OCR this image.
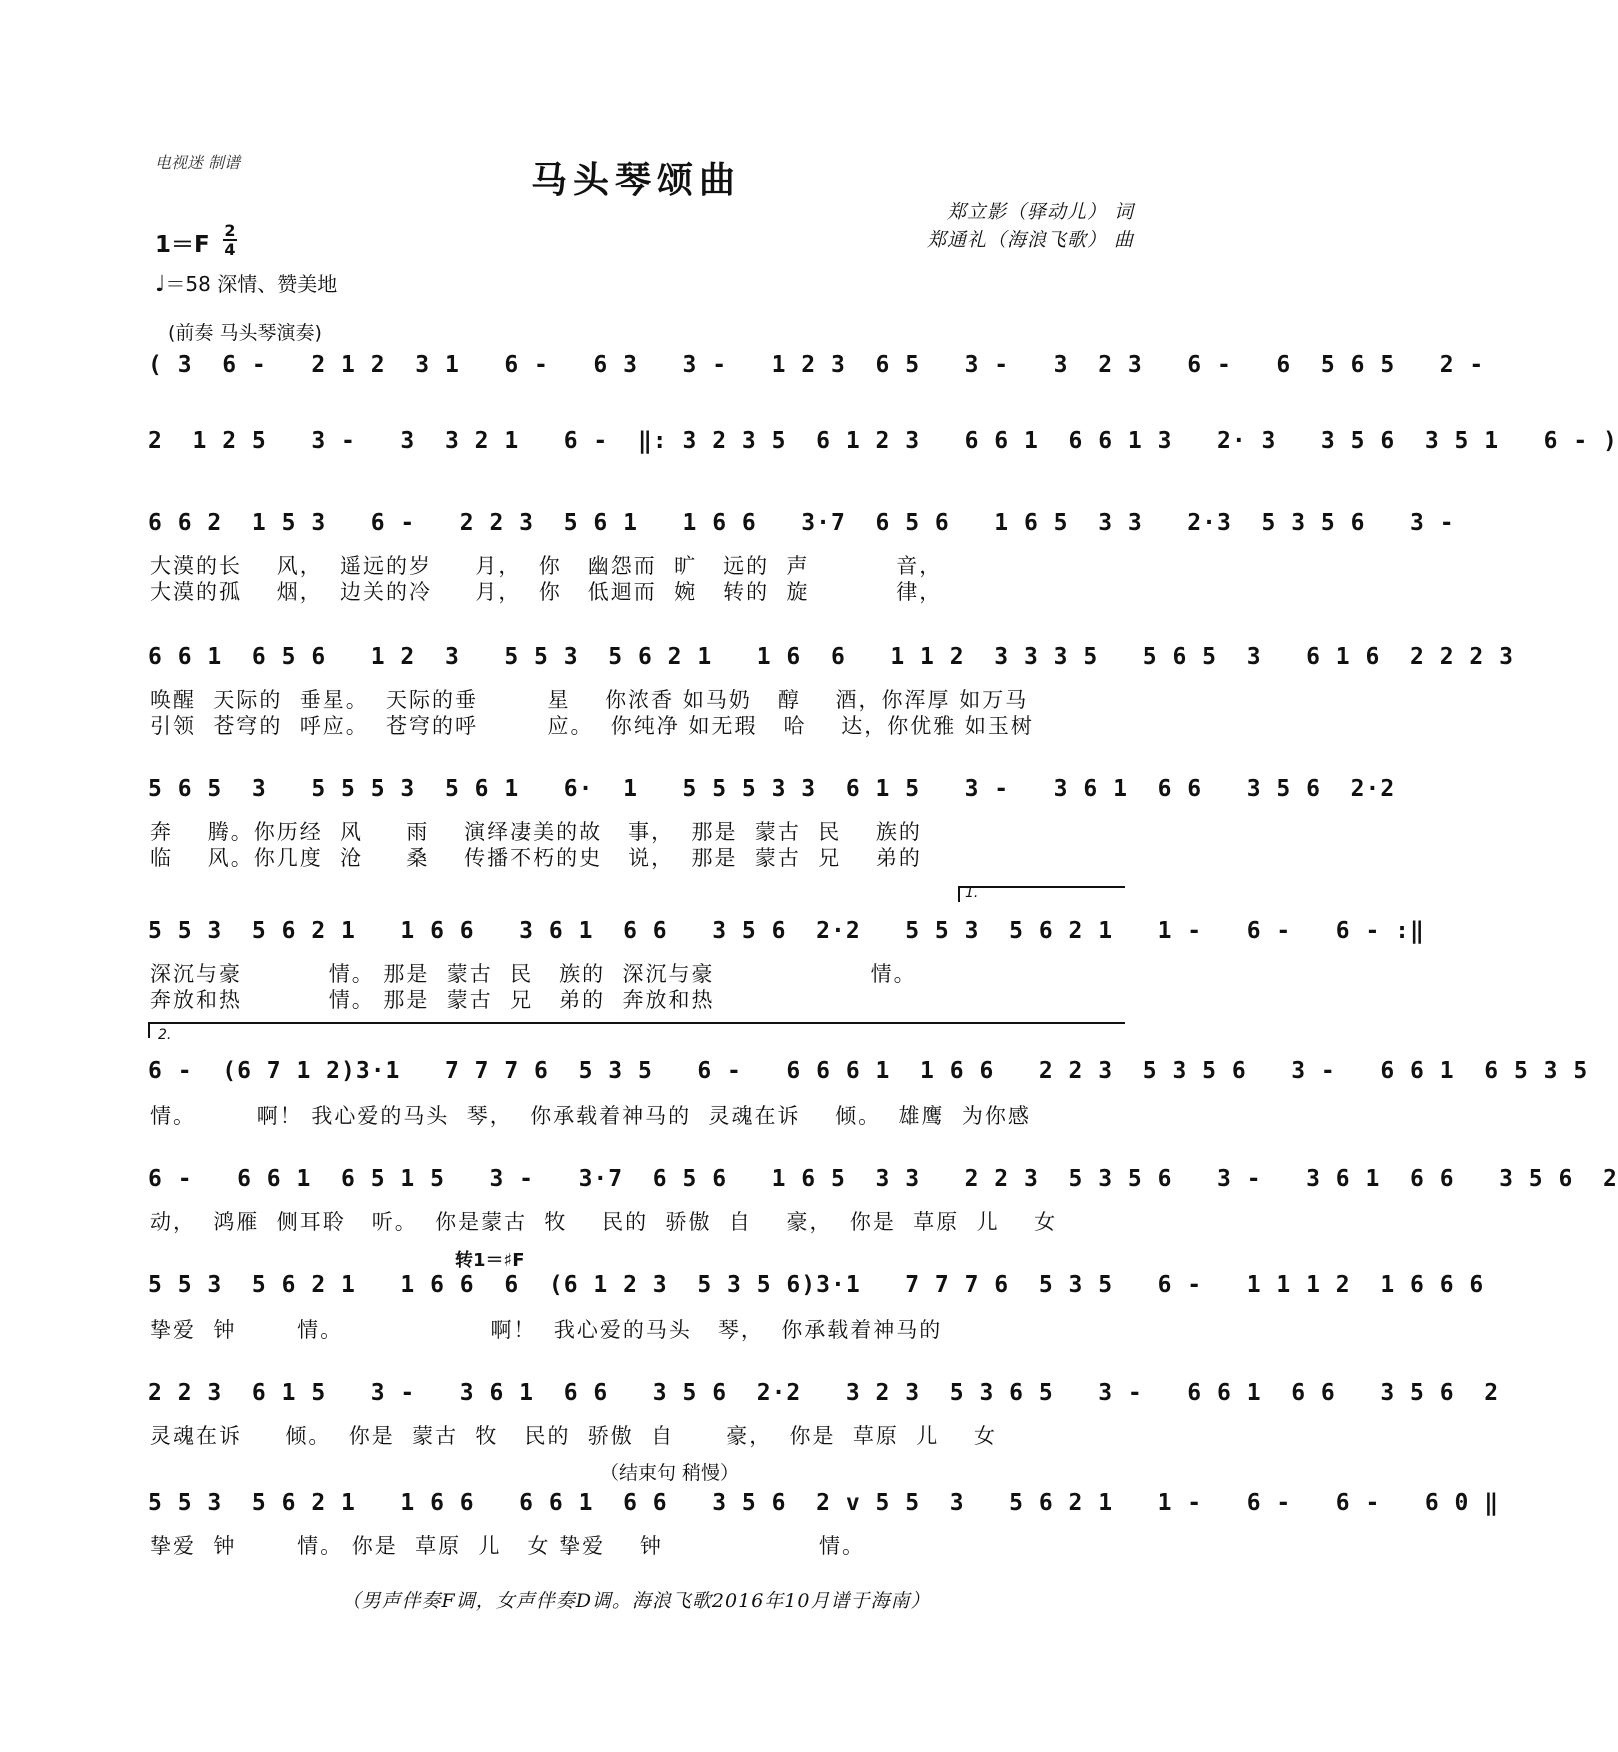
电视迷 制谱	马头琴颂曲
郑立影（驿动儿） 词
郑通礼（海浪飞歌） 曲
1＝F
2
4
♩＝58 深情、赞美地
(前奏 马头琴演奏)
( 3  6 -   2 1 2  3 1   6 -   6 3   3 -   1 2 3  6 5   3 -   3  2 3   6 -   6  5 6 5   2 -
2  1 2 5   3 -   3  3 2 1   6 -  ‖: 3 2 3 5  6 1 2 3   6 6 1  6 6 1 3   2· 3   3 5 6  3 5 1   6 - )
6 6 2  1 5 3   6 -   2 2 3  5 6 1   1 6 6   3·7  6 5 6   1 6 5  3 3   2·3  5 3 5 6   3 -
大漠的长    风，  遥远的岁     月，  你   幽怨而  旷   远的  声          音，
大漠的孤    烟，  边关的冷     月，  你   低迴而  婉   转的  旋          律，
6 6 1  6 5 6   1 2  3   5 5 3  5 6 2 1   1 6  6   1 1 2  3 3 3 5   5 6 5  3   6 1 6  2 2 2 3
唤醒  天际的  垂星。  天际的垂        星    你浓香 如马奶   醇    酒，你浑厚 如万马
引领  苍穹的  呼应。  苍穹的呼        应。  你纯净 如无瑕   哈    达，你优雅 如玉树
5 6 5  3   5 5 5 3  5 6 1   6·  1   5 5 5 3 3  6 1 5   3 -   3 6 1  6 6   3 5 6  2·2
奔    腾。你历经  风     雨    演绎凄美的故   事，  那是  蒙古  民    族的
临    风。你几度  沧     桑    传播不朽的史   说，  那是  蒙古  兄    弟的
1.
5 5 3  5 6 2 1   1 6 6   3 6 1  6 6   3 5 6  2·2   5 5 3  5 6 2 1   1 -   6 -   6 - :‖
深沉与豪          情。 那是  蒙古  民   族的  深沉与豪                  情。
奔放和热          情。 那是  蒙古  兄   弟的  奔放和热
2.
6 -  (6 7 1 2)3·1   7 7 7 6  5 3 5   6 -   6 6 6 1  1 6 6   2 2 3  5 3 5 6   3 -   6 6 1  6 5 3 5
情。       啊！ 我心爱的马头  琴，  你承载着神马的  灵魂在诉    倾。  雄鹰  为你感
6 -   6 6 1  6 5 1 5   3 -   3·7  6 5 6   1 6 5  3 3   2 2 3  5 3 5 6   3 -   3 6 1  6 6   3 5 6  2
动，  鸿雁  侧耳聆   听。  你是蒙古  牧    民的  骄傲  自    豪，  你是  草原  儿    女
转1＝♯F
5 5 3  5 6 2 1   1 6 6  6  (6 1 2 3  5 3 5 6)3·1   7 7 7 6  5 3 5   6 -   1 1 1 2  1 6 6 6
挚爱  钟       情。                 啊！  我心爱的马头   琴，  你承载着神马的
2 2 3  6 1 5   3 -   3 6 1  6 6   3 5 6  2·2   3 2 3  5 3 6 5   3 -   6 6 1  6 6   3 5 6  2
灵魂在诉     倾。  你是  蒙古  牧   民的  骄傲  自      豪，  你是  草原  儿    女
（结束句 稍慢）
5 5 3  5 6 2 1   1 6 6   6 6 1  6 6   3 5 6  2 v 5 5  3   5 6 2 1   1 -   6 -   6 -   6 0 ‖
挚爱  钟       情。 你是  草原  儿   女 挚爱    钟                  情。
（男声伴奏F调，女声伴奏D调。海浪飞歌2016年10月谱于海南）
